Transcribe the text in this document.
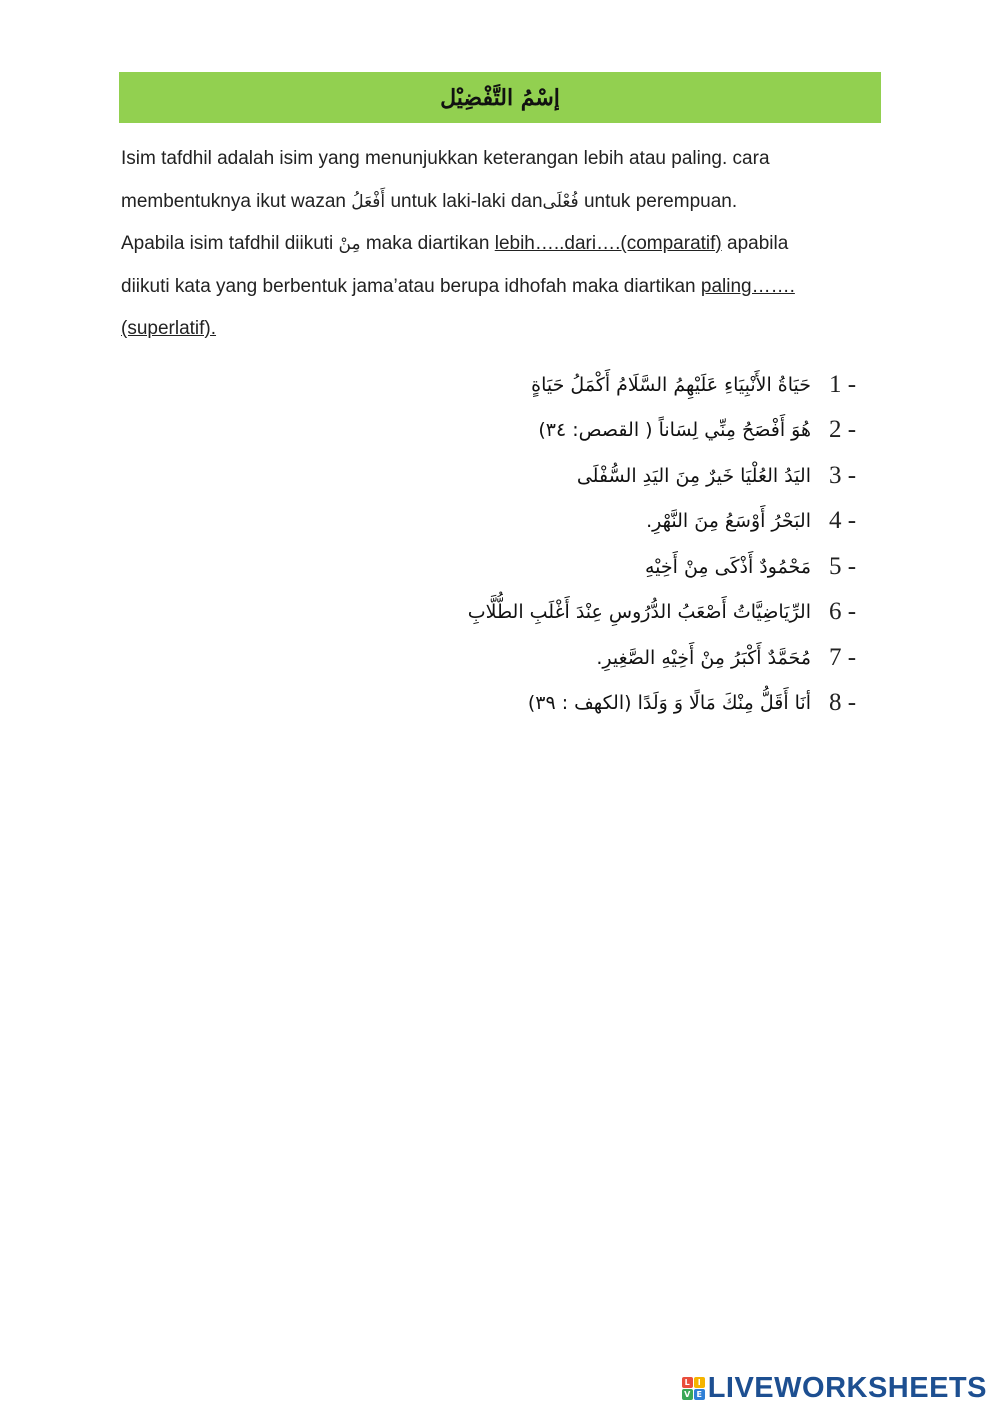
إسْمُ التَّفْضِيْل
Isim tafdhil adalah isim yang menunjukkan keterangan lebih atau paling. cara
membentuknya ikut wazan أَفْعَلُ untuk laki-laki danفُعْلَى untuk perempuan.
Apabila isim tafdhil diikuti مِنْ maka diartikan lebih…..dari….(comparatif) apabila
diikuti kata yang berbentuk jama’atau berupa idhofah maka diartikan paling…….
(superlatif).
1 -
حَيَاةُ الأَنْبِيَاءِ عَلَيْهِمُ السَّلَامُ أَكْمَلُ حَيَاةٍ
2 -
هُوَ أَفْصَحُ مِنِّي لِسَاناً ( القصص: ٣٤)
3 -
اليَدُ العُلْيَا خَيرٌ مِنَ اليَدِ السُّفْلَى
4 -
البَحْرُ أَوْسَعُ مِنَ النَّهْرِ.
5 -
مَحْمُودٌ أَذْكَى مِنْ أَخِيْهِ
6 -
الرِّيَاضِيَّاتُ أَصْعَبُ الدُّرُوسِ عِنْدَ أَغْلَبِ الطُّلَّابِ
7 -
مُحَمَّدٌ أَكْبَرُ مِنْ أَخِيْهِ الصَّغِيرِ.
8 -
أنَا أَقَلُّ مِنْكَ مَالًا وَ وَلَدًا (الكهف : ٣٩)
L I
V E LIVEWORKSHEETS
